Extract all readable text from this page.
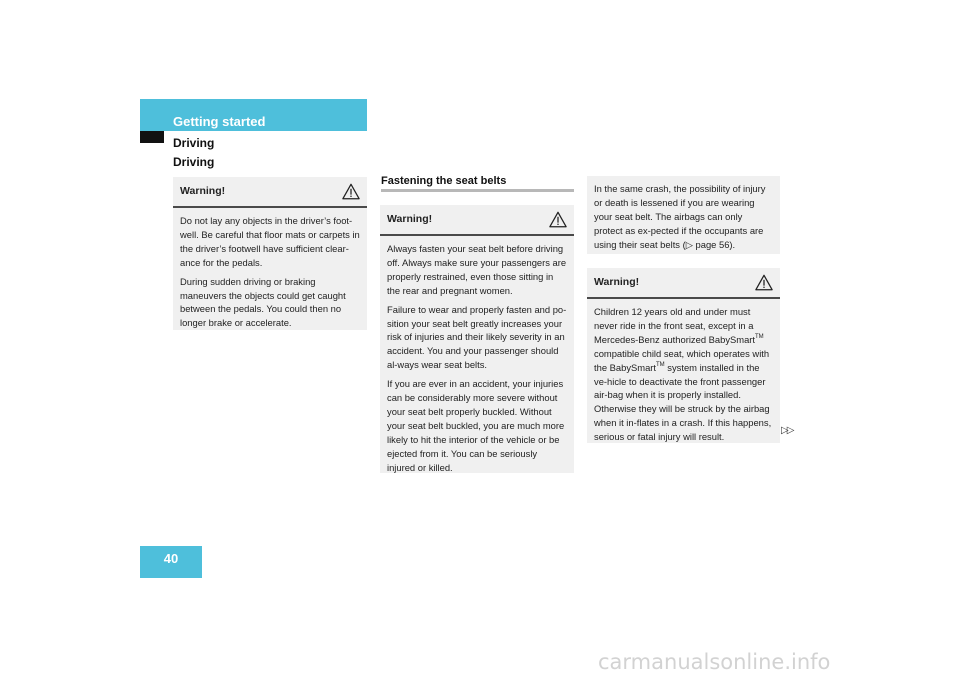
Getting started
Driving
Driving
Warning!

Do not lay any objects in the driver’s foot-well. Be careful that floor mats or carpets in the driver’s footwell have sufficient clear-ance for the pedals.

During sudden driving or braking maneuvers the objects could get caught between the pedals. You could then no longer brake or accelerate.

Fastening the seat belts
Warning!

Always fasten your seat belt before driving off. Always make sure your passengers are properly restrained, even those sitting in the rear and pregnant women.

Failure to wear and properly fasten and po-sition your seat belt greatly increases your risk of injuries and their likely severity in an accident. You and your passenger should al-ways wear seat belts.

If you are ever in an accident, your injuries can be considerably more severe without your seat belt properly buckled. Without your seat belt buckled, you are much more likely to hit the interior of the vehicle or be ejected from it. You can be seriously injured or killed.

In the same crash, the possibility of injury or death is lessened if you are wearing your seat belt. The airbags can only protect as ex-pected if the occupants are using their seat belts (▷ page 56).

Warning!

Children 12 years old and under must never ride in the front seat, except in a Mercedes-Benz authorized BabySmart™ compatible child seat, which operates with the BabySmart™ system installed in the ve-hicle to deactivate the front passenger air-bag when it is properly installed. Otherwise they will be struck by the airbag when it in-flates in a crash. If this happens, serious or fatal injury will result.

▷▷
40
carmanualsonline.info
